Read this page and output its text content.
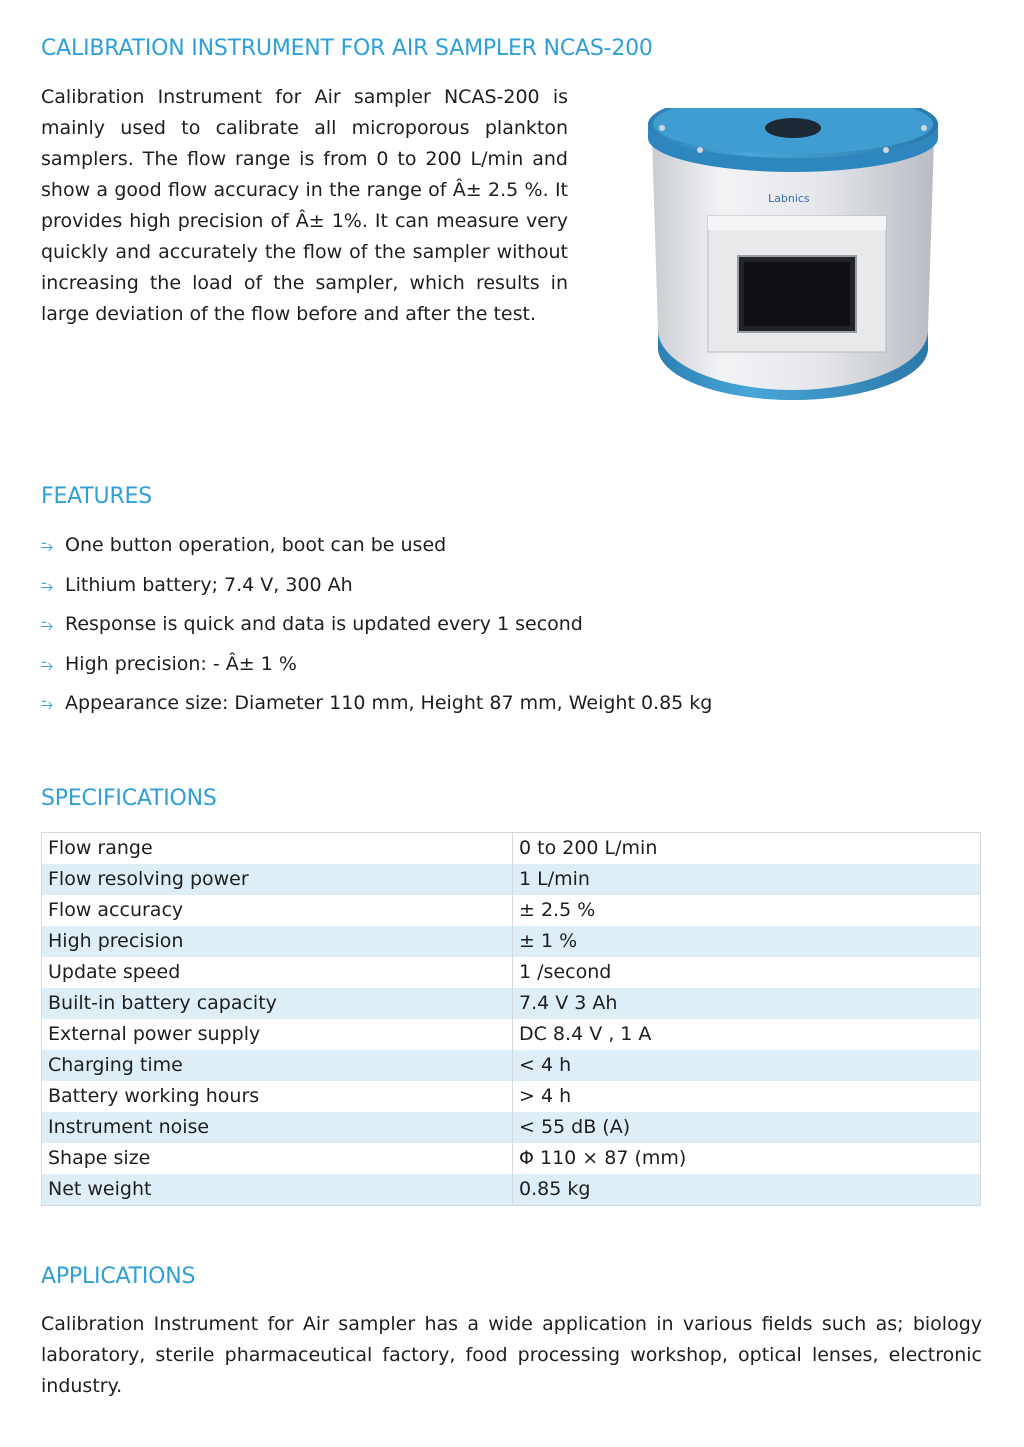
CALIBRATION INSTRUMENT FOR AIR SAMPLER NCAS-200

Calibration Instrument for Air sampler NCAS-200 is mainly used to calibrate all microporous plankton samplers. The flow range is from 0 to 200 L/min and show a good flow accuracy in the range of Â± 2.5 %. It provides high precision of Â± 1%. It can measure very quickly and accurately the flow of the sampler without increasing the load of the sampler, which results in large deviation of the flow before and after the test.

Labnics
FEATURES
⥲ One button operation, boot can be used
⥲ Lithium battery; 7.4 V, 300 Ah
⥲ Response is quick and data is updated every 1 second
⥲ High precision: - Â± 1 %
⥲ Appearance size: Diameter 110 mm, Height 87 mm, Weight 0.85 kg
SPECIFICATIONS
Flow range	0 to 200 L/min
Flow resolving power	1 L/min
Flow accuracy	± 2.5 %
High precision	± 1 %
Update speed	1 /second
Built-in battery capacity	7.4 V 3 Ah
External power supply	DC 8.4 V , 1 A
Charging time	< 4 h
Battery working hours	> 4 h
Instrument noise	< 55 dB (A)
Shape size	Φ 110 × 87 (mm)
Net weight	0.85 kg
APPLICATIONS

Calibration Instrument for Air sampler has a wide application in various fields such as; biology laboratory, sterile pharmaceutical factory, food processing workshop, optical lenses, electronic industry.
